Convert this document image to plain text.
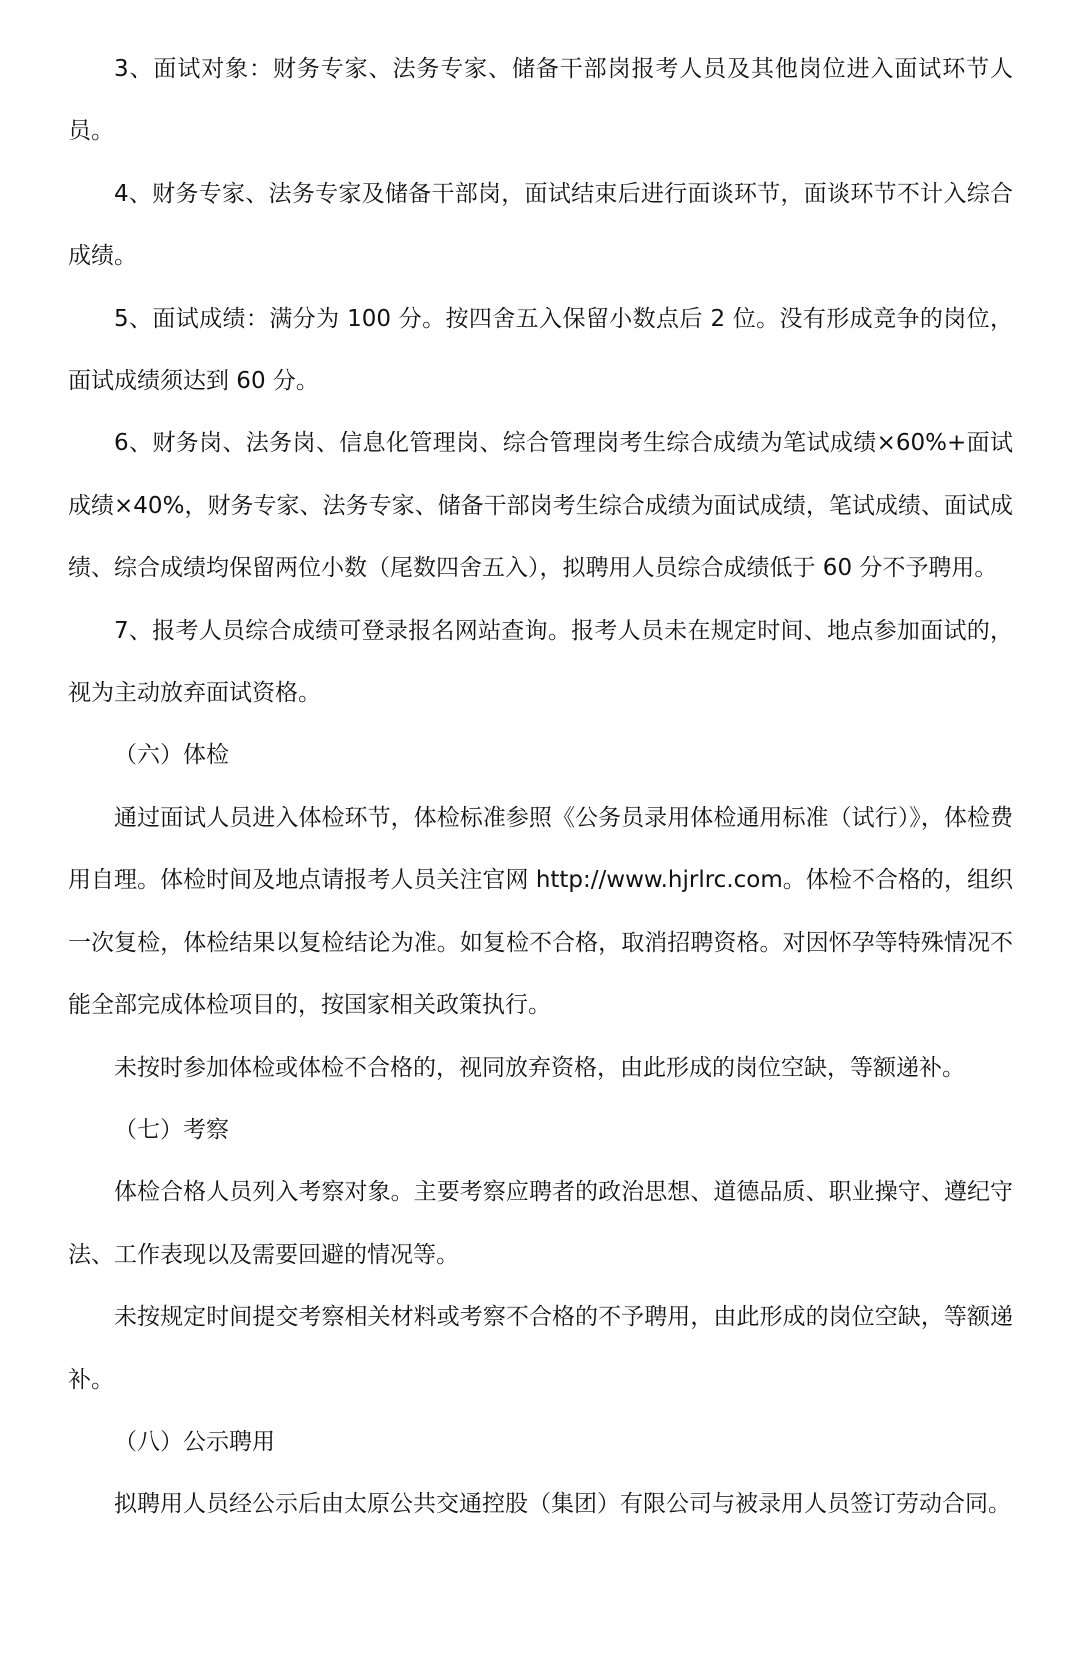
3、面试对象：财务专家、法务专家、储备干部岗报考人员及其他岗位进入面试环节人员。

4、财务专家、法务专家及储备干部岗，面试结束后进行面谈环节，面谈环节不计入综合成绩。

5、面试成绩：满分为 100 分。按四舍五入保留小数点后 2 位。没有形成竞争的岗位，面试成绩须达到 60 分。

6、财务岗、法务岗、信息化管理岗、综合管理岗考生综合成绩为笔试成绩×60%+面试成绩×40%，财务专家、法务专家、储备干部岗考生综合成绩为面试成绩，笔试成绩、面试成绩、综合成绩均保留两位小数（尾数四舍五入），拟聘用人员综合成绩低于 60 分不予聘用。

7、报考人员综合成绩可登录报名网站查询。报考人员未在规定时间、地点参加面试的，视为主动放弃面试资格。

（六）体检

通过面试人员进入体检环节，体检标准参照《公务员录用体检通用标准（试行）》，体检费用自理。体检时间及地点请报考人员关注官网 http://www.hjrlrc.com。体检不合格的，组织一次复检，体检结果以复检结论为准。如复检不合格，取消招聘资格。对因怀孕等特殊情况不能全部完成体检项目的，按国家相关政策执行。

未按时参加体检或体检不合格的，视同放弃资格，由此形成的岗位空缺，等额递补。

（七）考察

体检合格人员列入考察对象。主要考察应聘者的政治思想、道德品质、职业操守、遵纪守法、工作表现以及需要回避的情况等。

未按规定时间提交考察相关材料或考察不合格的不予聘用，由此形成的岗位空缺，等额递补。

（八）公示聘用

拟聘用人员经公示后由太原公共交通控股（集团）有限公司与被录用人员签订劳动合同。
